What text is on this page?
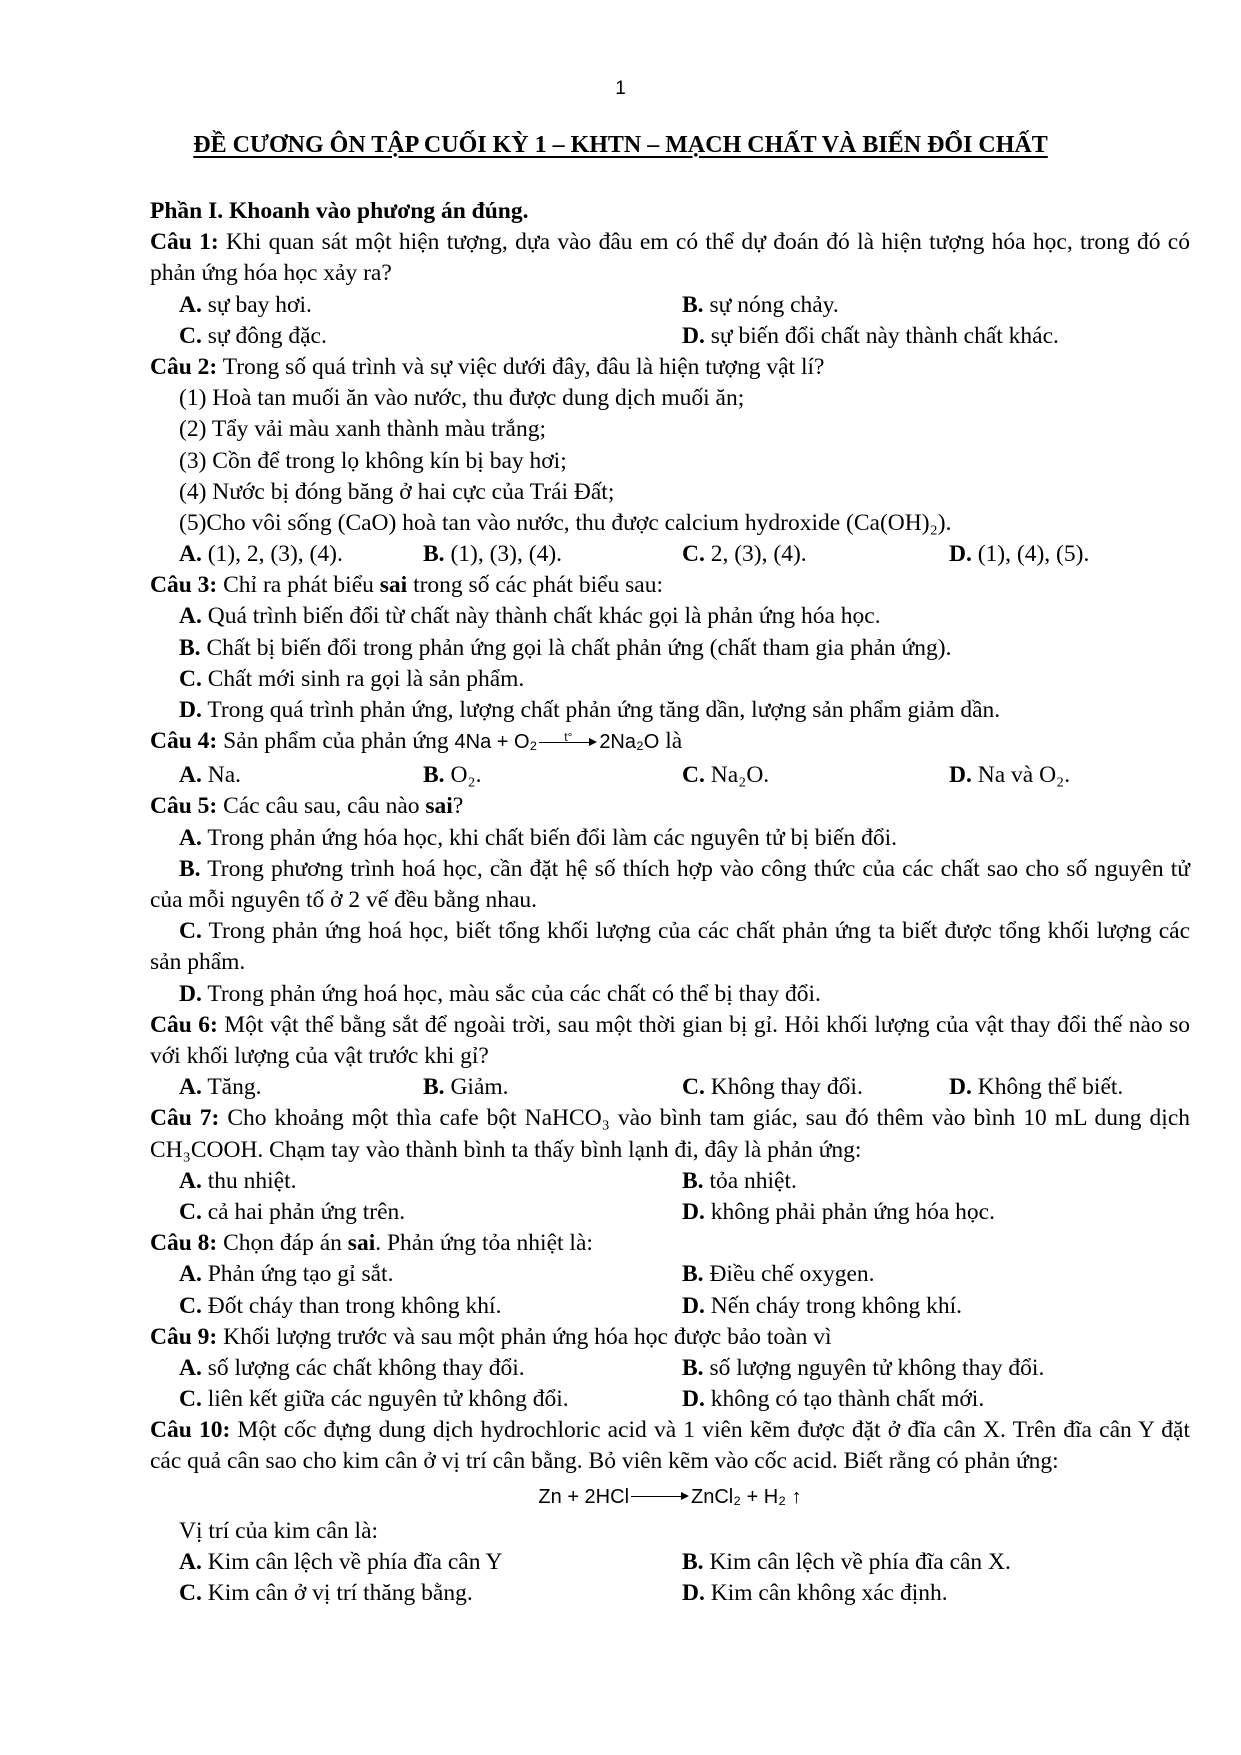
1
ĐỀ CƯƠNG ÔN TẬP CUỐI KỲ 1 – KHTN – MẠCH CHẤT VÀ BIẾN ĐỔI CHẤT
Phần I. Khoanh vào phương án đúng.
Câu 1: Khi quan sát một hiện tượng, dựa vào đâu em có thể dự đoán đó là hiện tượng hóa học, trong đó có phản ứng hóa học xảy ra?
A. sự bay hơi.	B. sự nóng chảy.
C. sự đông đặc.	D. sự biến đổi chất này thành chất khác.
Câu 2: Trong số quá trình và sự việc dưới đây, đâu là hiện tượng vật lí?
(1) Hoà tan muối ăn vào nước, thu được dung dịch muối ăn;
(2) Tẩy vải màu xanh thành màu trắng;
(3) Cồn để trong lọ không kín bị bay hơi;
(4) Nước bị đóng băng ở hai cực của Trái Đất;
(5)Cho vôi sống (CaO) hoà tan vào nước, thu được calcium hydroxide (Ca(OH)₂).
A. (1), 2, (3), (4).	B. (1), (3), (4).	C. 2, (3), (4).	D. (1), (4), (5).
Câu 3: Chỉ ra phát biểu sai trong số các phát biểu sau:
A. Quá trình biến đổi từ chất này thành chất khác gọi là phản ứng hóa học.
B. Chất bị biến đổi trong phản ứng gọi là chất phản ứng (chất tham gia phản ứng).
C. Chất mới sinh ra gọi là sản phẩm.
D. Trong quá trình phản ứng, lượng chất phản ứng tăng dần, lượng sản phẩm giảm dần.
Câu 4: Sản phẩm của phản ứng 4Na + O₂	t°	2Na₂O là
A. Na.	B. O₂.	C. Na₂O.	D. Na và O₂.
Câu 5: Các câu sau, câu nào sai?
A. Trong phản ứng hóa học, khi chất biến đổi làm các nguyên tử bị biến đổi.
B. Trong phương trình hoá học, cần đặt hệ số thích hợp vào công thức của các chất sao cho số nguyên tử của mỗi nguyên tố ở 2 vế đều bằng nhau.
C. Trong phản ứng hoá học, biết tổng khối lượng của các chất phản ứng ta biết được tổng khối lượng các sản phẩm.
D. Trong phản ứng hoá học, màu sắc của các chất có thể bị thay đổi.
Câu 6: Một vật thể bằng sắt để ngoài trời, sau một thời gian bị gỉ. Hỏi khối lượng của vật thay đổi thế nào so với khối lượng của vật trước khi gỉ?
A. Tăng.	B. Giảm.	C. Không thay đổi.	D. Không thể biết.
Câu 7: Cho khoảng một thìa cafe bột NaHCO₃ vào bình tam giác, sau đó thêm vào bình 10 mL dung dịch CH₃COOH. Chạm tay vào thành bình ta thấy bình lạnh đi, đây là phản ứng:
A. thu nhiệt.	B. tỏa nhiệt.
C. cả hai phản ứng trên.	D. không phải phản ứng hóa học.
Câu 8: Chọn đáp án sai. Phản ứng tỏa nhiệt là:
A. Phản ứng tạo gỉ sắt.	B. Điều chế oxygen.
C. Đốt cháy than trong không khí.	D. Nến cháy trong không khí.
Câu 9: Khối lượng trước và sau một phản ứng hóa học được bảo toàn vì
A. số lượng các chất không thay đổi.	B. số lượng nguyên tử không thay đổi.
C. liên kết giữa các nguyên tử không đổi.	D. không có tạo thành chất mới.
Câu 10: Một cốc đựng dung dịch hydrochloric acid và 1 viên kẽm được đặt ở đĩa cân X. Trên đĩa cân Y đặt các quả cân sao cho kim cân ở vị trí cân bằng. Bỏ viên kẽm vào cốc acid. Biết rằng có phản ứng:
Zn + 2HCl	ZnCl₂ + H₂ ↑
Vị trí của kim cân là:
A. Kim cân lệch về phía đĩa cân Y	B. Kim cân lệch về phía đĩa cân X.
C. Kim cân ở vị trí thăng bằng.	D. Kim cân không xác định.
